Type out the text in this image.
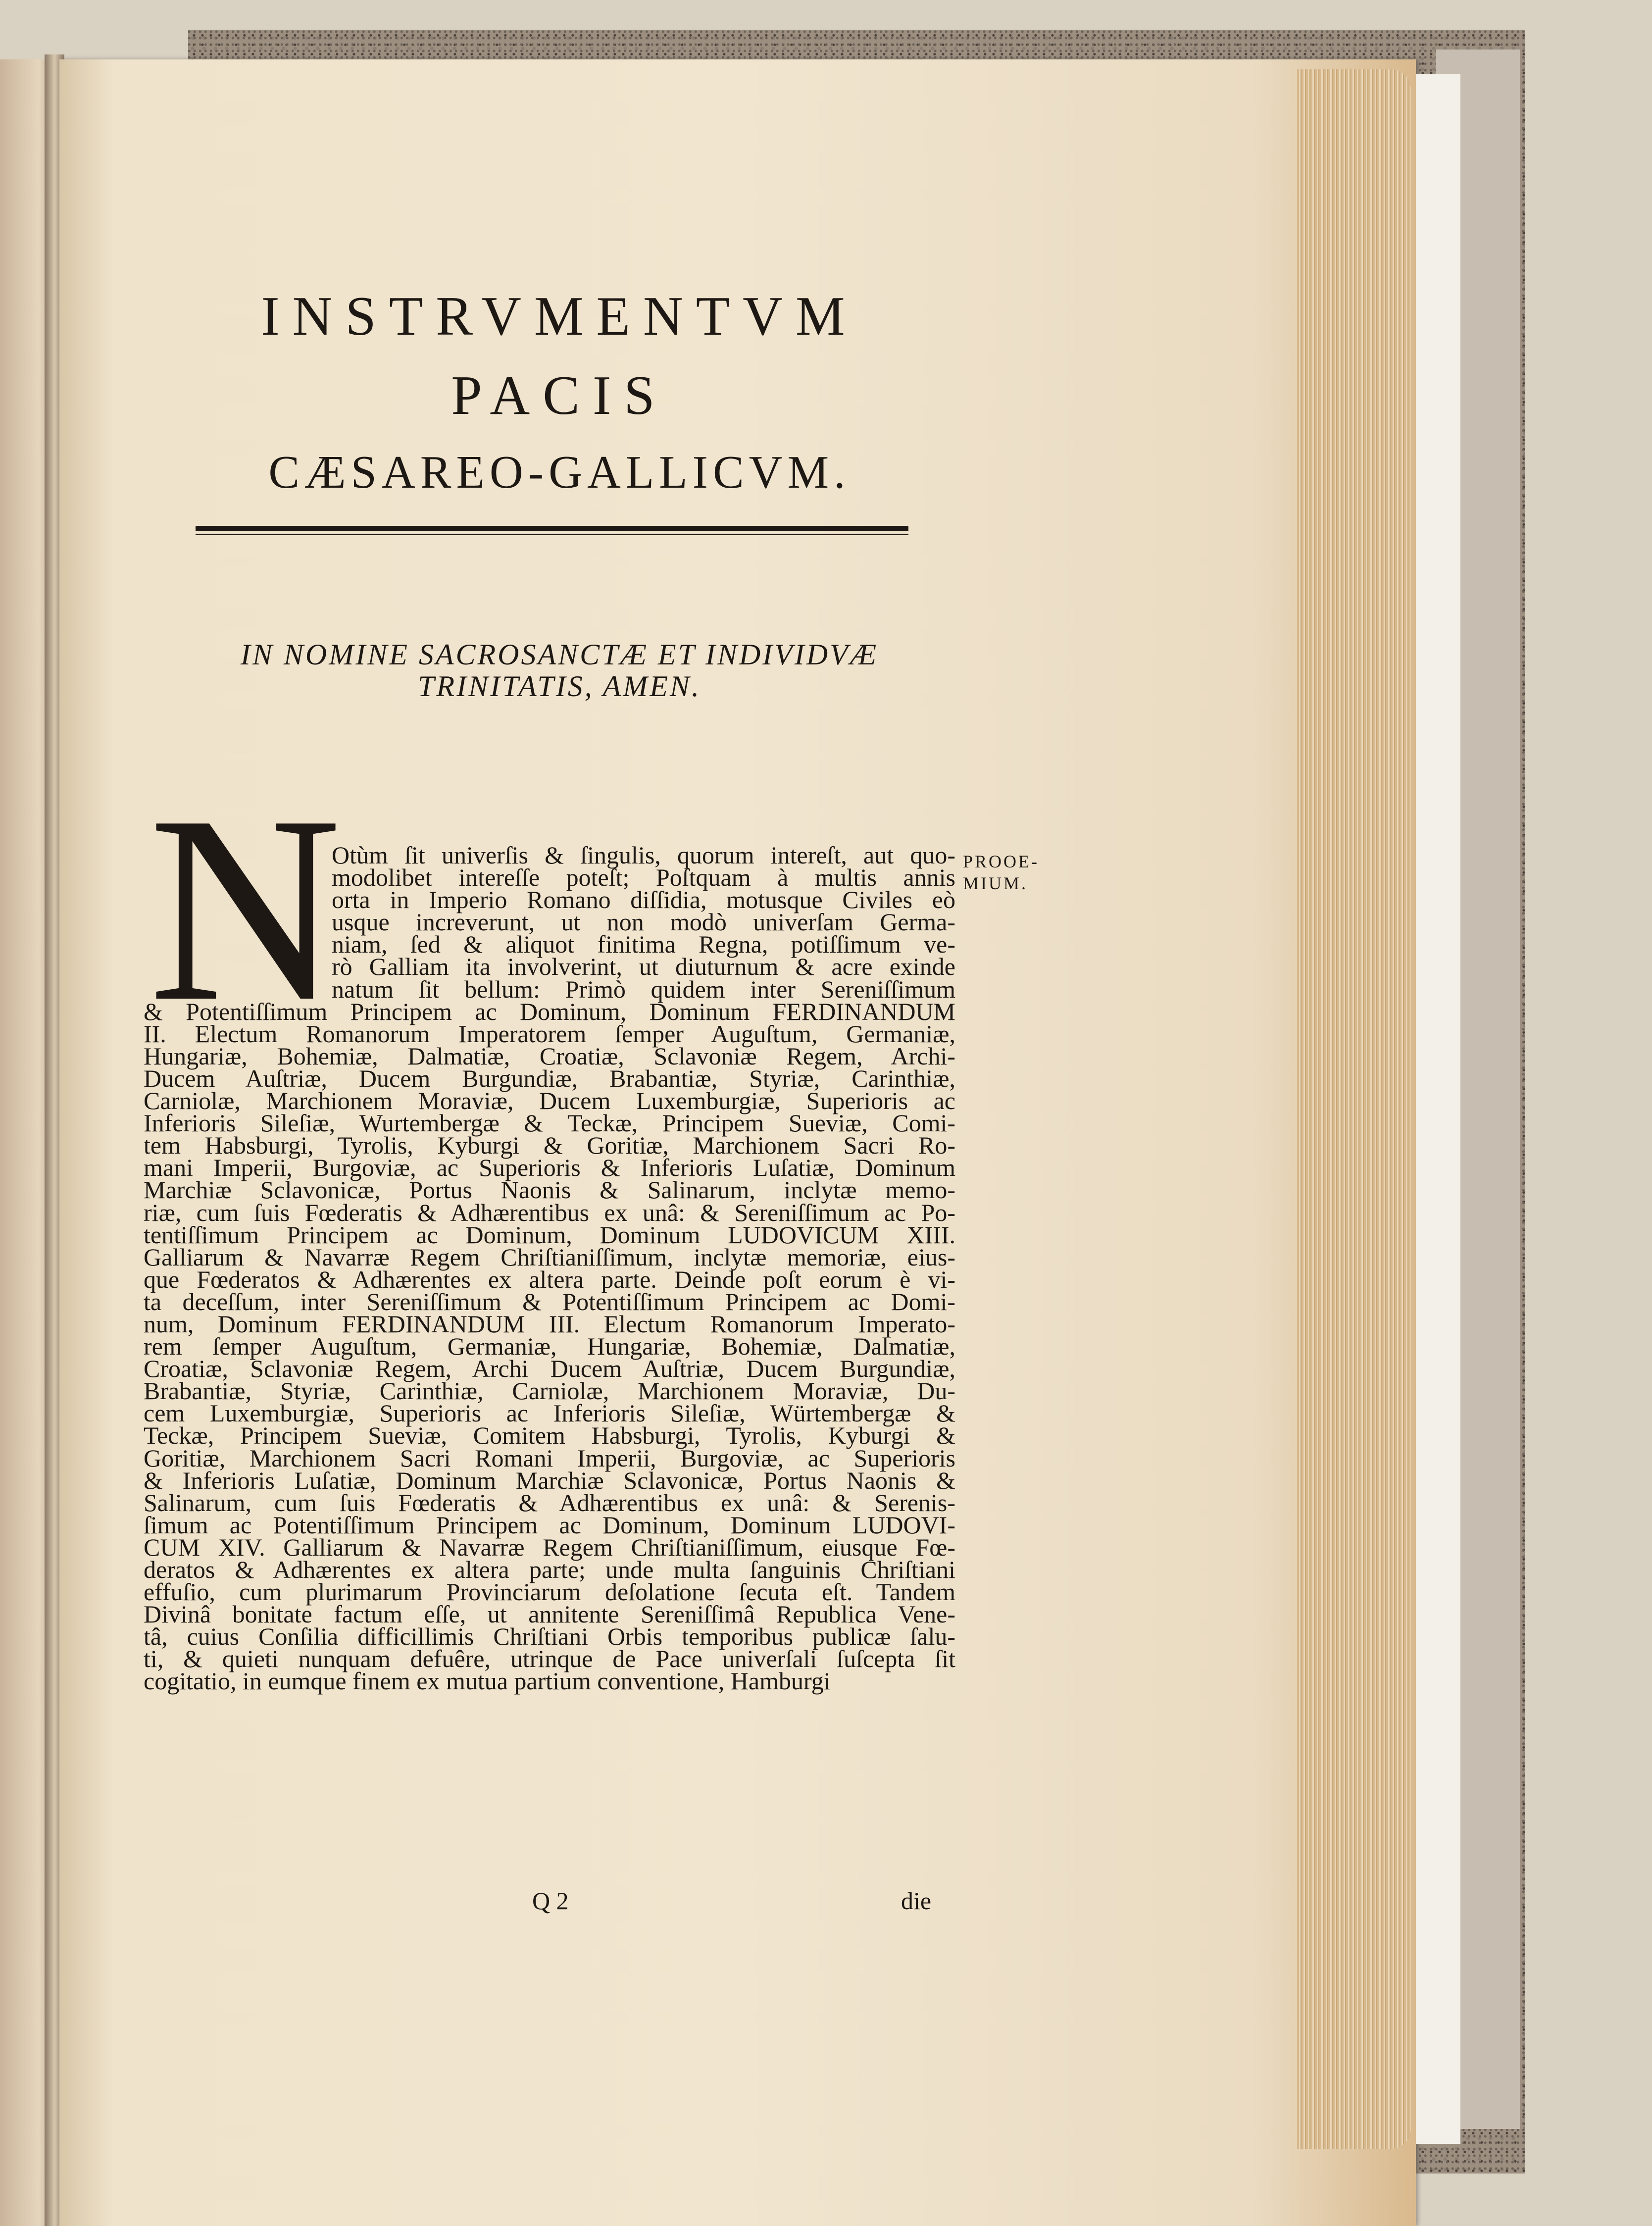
INSTRVMENTVM
PACIS
CÆSAREO-GALLICVM.
IN NOMINE SACROSANCTÆ ET INDIVIDVÆ
TRINITATIS, AMEN.
N	PROOE-
MIUM.
Otùm ſit univerſis & ſingulis, quorum intereſt, aut quo-
modolibet intereſſe poteſt; Poſtquam à multis annis
orta in Imperio Romano diſſidia, motusque Civiles eò
usque increverunt, ut non modò univerſam Germa-
niam, ſed & aliquot finitima Regna, potiſſimum ve-
rò Galliam ita involverint, ut diuturnum & acre exinde
natum ſit bellum: Primò quidem inter Sereniſſimum
& Potentiſſimum Principem ac Dominum, Dominum FERDINANDUM
II. Electum Romanorum Imperatorem ſemper Auguſtum, Germaniæ,
Hungariæ, Bohemiæ, Dalmatiæ, Croatiæ, Sclavoniæ Regem, Archi-
Ducem Auſtriæ, Ducem Burgundiæ, Brabantiæ, Styriæ, Carinthiæ,
Carniolæ, Marchionem Moraviæ, Ducem Luxemburgiæ, Superioris ac
Inferioris Sileſiæ, Wurtembergæ & Teckæ, Principem Sueviæ, Comi-
tem Habsburgi, Tyrolis, Kyburgi & Goritiæ, Marchionem Sacri Ro-
mani Imperii, Burgoviæ, ac Superioris & Inferioris Luſatiæ, Dominum
Marchiæ Sclavonicæ, Portus Naonis & Salinarum, inclytæ memo-
riæ, cum ſuis Fœderatis & Adhærentibus ex unâ: & Sereniſſimum ac Po-
tentiſſimum Principem ac Dominum, Dominum LUDOVICUM XIII.
Galliarum & Navarræ Regem Chriſtianiſſimum, inclytæ memoriæ, eius-
que Fœderatos & Adhærentes ex altera parte. Deinde poſt eorum è vi-
ta deceſſum, inter Sereniſſimum & Potentiſſimum Principem ac Domi-
num, Dominum FERDINANDUM III. Electum Romanorum Imperato-
rem ſemper Auguſtum, Germaniæ, Hungariæ, Bohemiæ, Dalmatiæ,
Croatiæ, Sclavoniæ Regem, Archi Ducem Auſtriæ, Ducem Burgundiæ,
Brabantiæ, Styriæ, Carinthiæ, Carniolæ, Marchionem Moraviæ, Du-
cem Luxemburgiæ, Superioris ac Inferioris Sileſiæ, Würtembergæ &
Teckæ, Principem Sueviæ, Comitem Habsburgi, Tyrolis, Kyburgi &
Goritiæ, Marchionem Sacri Romani Imperii, Burgoviæ, ac Superioris
& Inferioris Luſatiæ, Dominum Marchiæ Sclavonicæ, Portus Naonis &
Salinarum, cum ſuis Fœderatis & Adhærentibus ex unâ: & Serenis-
ſimum ac Potentiſſimum Principem ac Dominum, Dominum LUDOVI-
CUM XIV. Galliarum & Navarræ Regem Chriſtianiſſimum, eiusque Fœ-
deratos & Adhærentes ex altera parte; unde multa ſanguinis Chriſtiani
effuſio, cum plurimarum Provinciarum deſolatione ſecuta eſt. Tandem
Divinâ bonitate factum eſſe, ut annitente Sereniſſimâ Republica Vene-
tâ, cuius Conſilia difficillimis Chriſtiani Orbis temporibus publicæ ſalu-
ti, & quieti nunquam defuêre, utrinque de Pace univerſali ſuſcepta ſit
cogitatio, in eumque finem ex mutua partium conventione, Hamburgi
Q 2	die
